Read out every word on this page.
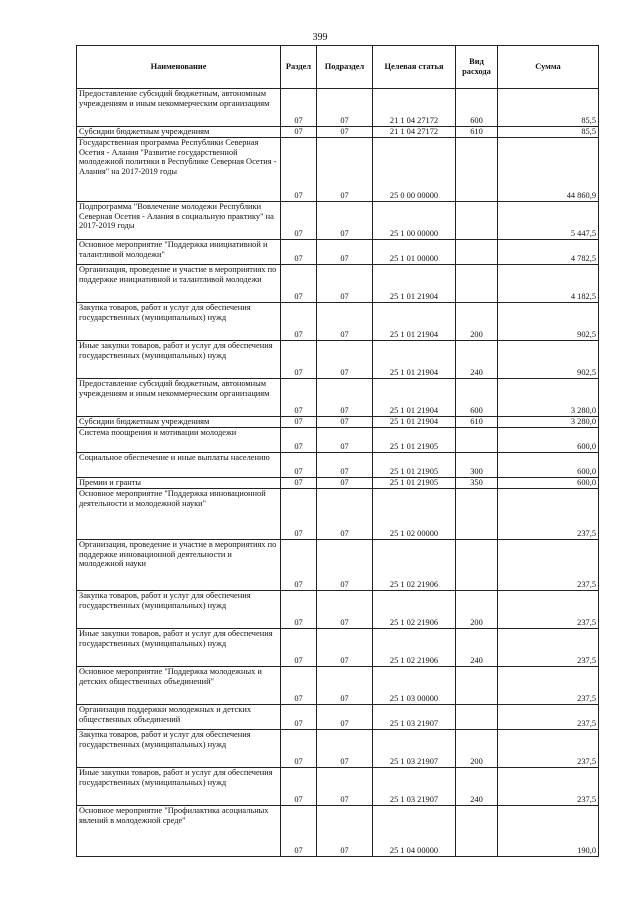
399
Наименование	Раздел	Подраздел	Целевая статья	Вид расхода	Сумма
Предоставление субсидий бюджетным, автономным учреждениям и иным некоммерческим организациям	07	07	21 1 04 27172	600	85,5
Субсидии бюджетным учреждениям	07	07	21 1 04 27172	610	85,5
Государственная программа Республики Северная Осетия - Алания "Развитие государственной молодежной политики в Республике Северная Осетия - Алания" на 2017-2019 годы	07	07	25 0 00 00000		44 860,9
Подпрограмма "Вовлечение молодежи Республики Северная Осетия - Алания в социальную практику" на 2017-2019 годы	07	07	25 1 00 00000		5 447,5
Основное мероприятие "Поддержка инициативной и талантливой молодежи"	07	07	25 1 01 00000		4 782,5
Организация, проведение и участие в мероприятиях по поддержке инициативной и талантливой молодежи	07	07	25 1 01 21904		4 182,5
Закупка товаров, работ и услуг для обеспечения государственных (муниципальных) нужд	07	07	25 1 01 21904	200	902,5
Иные закупки товаров, работ и услуг для обеспечения государственных (муниципальных) нужд	07	07	25 1 01 21904	240	902,5
Предоставление субсидий бюджетным, автономным учреждениям и иным некоммерческим организациям	07	07	25 1 01 21904	600	3 280,0
Субсидии бюджетным учреждениям	07	07	25 1 01 21904	610	3 280,0
Система поощрения и мотивации молодежи	07	07	25 1 01 21905		600,0
Социальное обеспечение и иные выплаты населению	07	07	25 1 01 21905	300	600,0
Премии и гранты	07	07	25 1 01 21905	350	600,0
Основное мероприятие "Поддержка инновационной деятельности и молодежной науки"	07	07	25 1 02 00000		237,5
Организация, проведение и участие в мероприятиях по поддержке инновационной деятельности и молодежной науки	07	07	25 1 02 21906		237,5
Закупка товаров, работ и услуг для обеспечения государственных (муниципальных) нужд	07	07	25 1 02 21906	200	237,5
Иные закупки товаров, работ и услуг для обеспечения государственных (муниципальных) нужд	07	07	25 1 02 21906	240	237,5
Основное мероприятие "Поддержка молодежных и детских общественных объединений"	07	07	25 1 03 00000		237,5
Организация поддержки молодежных и детских общественных объединений	07	07	25 1 03 21907		237,5
Закупка товаров, работ и услуг для обеспечения государственных (муниципальных) нужд	07	07	25 1 03 21907	200	237,5
Иные закупки товаров, работ и услуг для обеспечения государственных (муниципальных) нужд	07	07	25 1 03 21907	240	237,5
Основное мероприятие "Профилактика асоциальных явлений в молодежной среде"	07	07	25 1 04 00000		190,0
